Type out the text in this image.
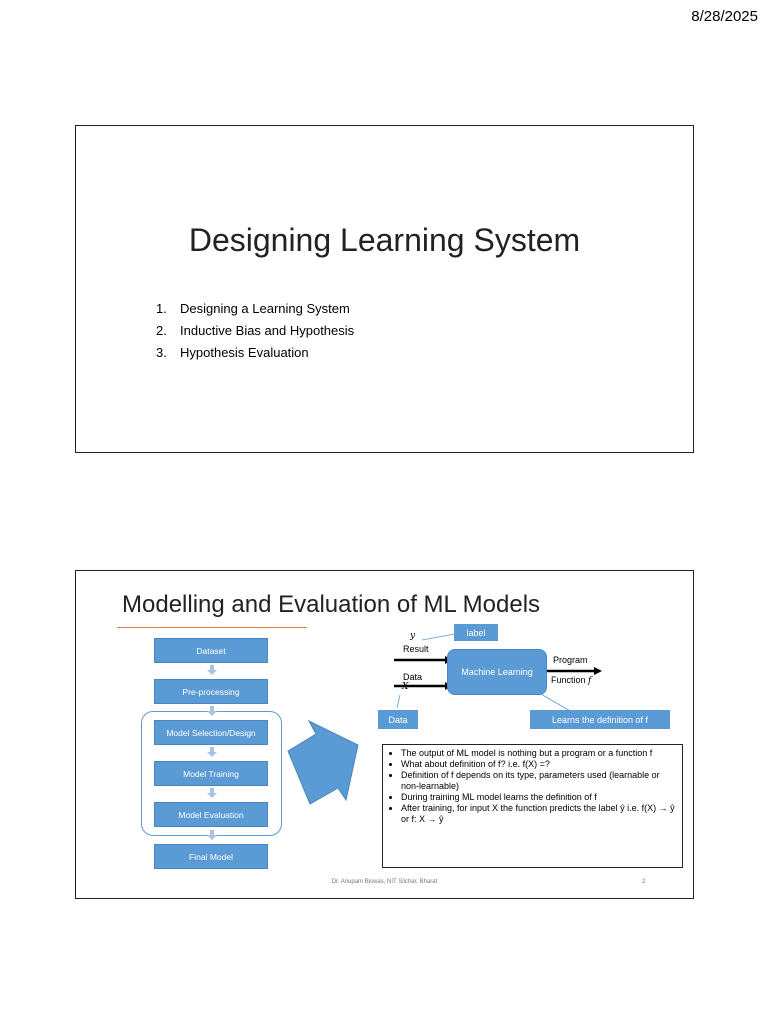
8/28/2025
Designing Learning System
1. Designing a Learning System
2. Inductive Bias and Hypothesis
3. Hypothesis Evaluation
Modelling and Evaluation of ML Models
Dataset
Pre-processing
Model Selection/Design
Model Training
Model Evaluation
Final Model
label
y
Result
Data
X
Machine Learning
Program
Function f
Data	Learns the definition of f
• The output of ML model is nothing but a program or a function f
• What about definition of f? i.e. f(X) =?
• Definition of f depends on its type, parameters used (learnable or non-learnable)
• During training ML model learns the definition of f
• After training, for input X the function predicts the label ŷ i.e. f(X) → ŷ or f: X → ŷ
Dr. Anupam Biswas, NIT Silchar, Bharat	2
